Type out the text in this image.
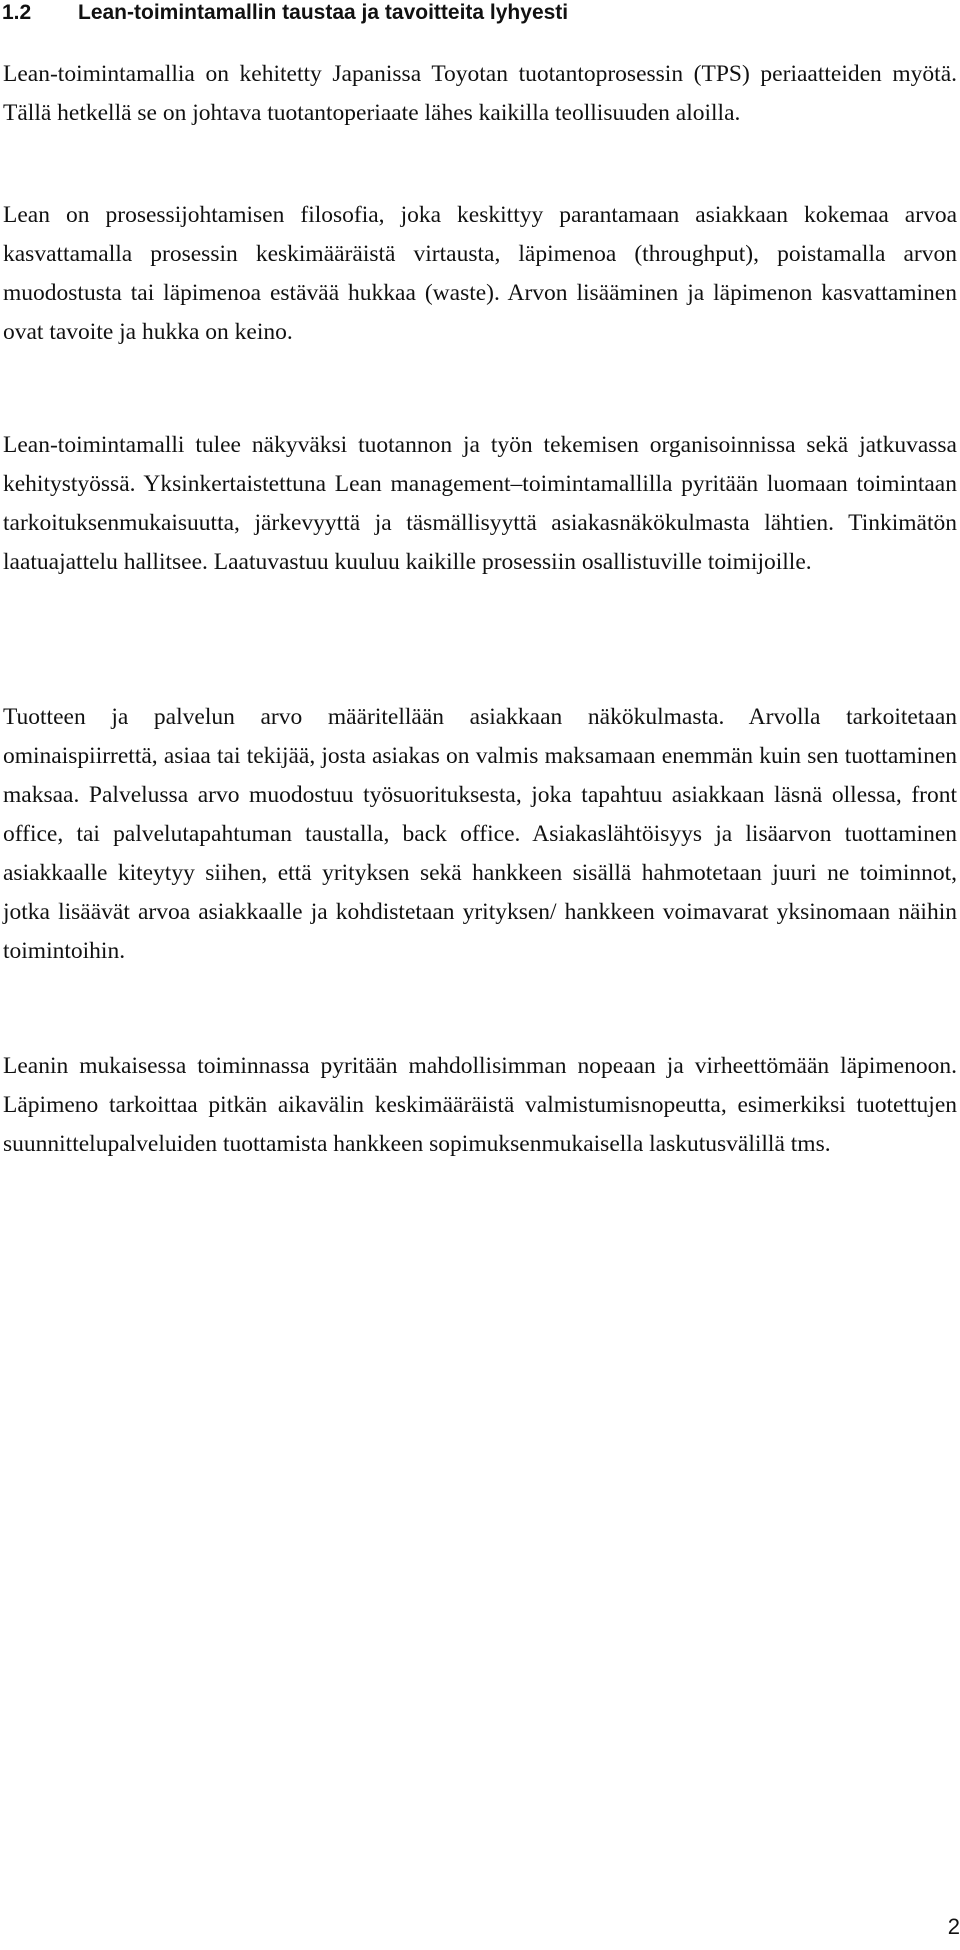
1.2 Lean-toimintamallin taustaa ja tavoitteita lyhyesti
Lean-toimintamallia on kehitetty Japanissa Toyotan tuotantoprosessin (TPS) periaatteiden myötä. Tällä hetkellä se on johtava tuotantoperiaate lähes kaikilla teollisuuden aloilla.
Lean on prosessijohtamisen filosofia, joka keskittyy parantamaan asiakkaan kokemaa arvoa kasvattamalla prosessin keskimääräistä virtausta, läpimenoa (throughput), poistamalla arvon muodostusta tai läpimenoa estävää hukkaa (waste). Arvon lisääminen ja läpimenon kasvattaminen ovat tavoite ja hukka on keino.
Lean-toimintamalli tulee näkyväksi tuotannon ja työn tekemisen organisoinnissa sekä jatkuvassa kehitystyössä. Yksinkertaistettuna Lean management–toimintamallilla pyritään luomaan toimintaan tarkoituksenmukaisuutta, järkevyyttä ja täsmällisyyttä asiakasnäkökulmasta lähtien. Tinkimätön laatuajattelu hallitsee. Laatuvastuu kuuluu kaikille prosessiin osallistuville toimijoille.
Tuotteen ja palvelun arvo määritellään asiakkaan näkökulmasta. Arvolla tarkoitetaan ominaispiirrettä, asiaa tai tekijää, josta asiakas on valmis maksamaan enemmän kuin sen tuottaminen maksaa. Palvelussa arvo muodostuu työsuorituksesta, joka tapahtuu asiakkaan läsnä ollessa, front office, tai palvelutapahtuman taustalla, back office. Asiakaslähtöisyys ja lisäarvon tuottaminen asiakkaalle kiteytyy siihen, että yrityksen sekä hankkeen sisällä hahmotetaan juuri ne toiminnot, jotka lisäävät arvoa asiakkaalle ja kohdistetaan yrityksen/ hankkeen voimavarat yksinomaan näihin toimintoihin.
Leanin mukaisessa toiminnassa pyritään mahdollisimman nopeaan ja virheettömään läpimenoon. Läpimeno tarkoittaa pitkän aikavälin keskimääräistä valmistumisnopeutta, esimerkiksi tuotettujen suunnittelupalveluiden tuottamista hankkeen sopimuksenmukaisella laskutusvälillä tms.
2
